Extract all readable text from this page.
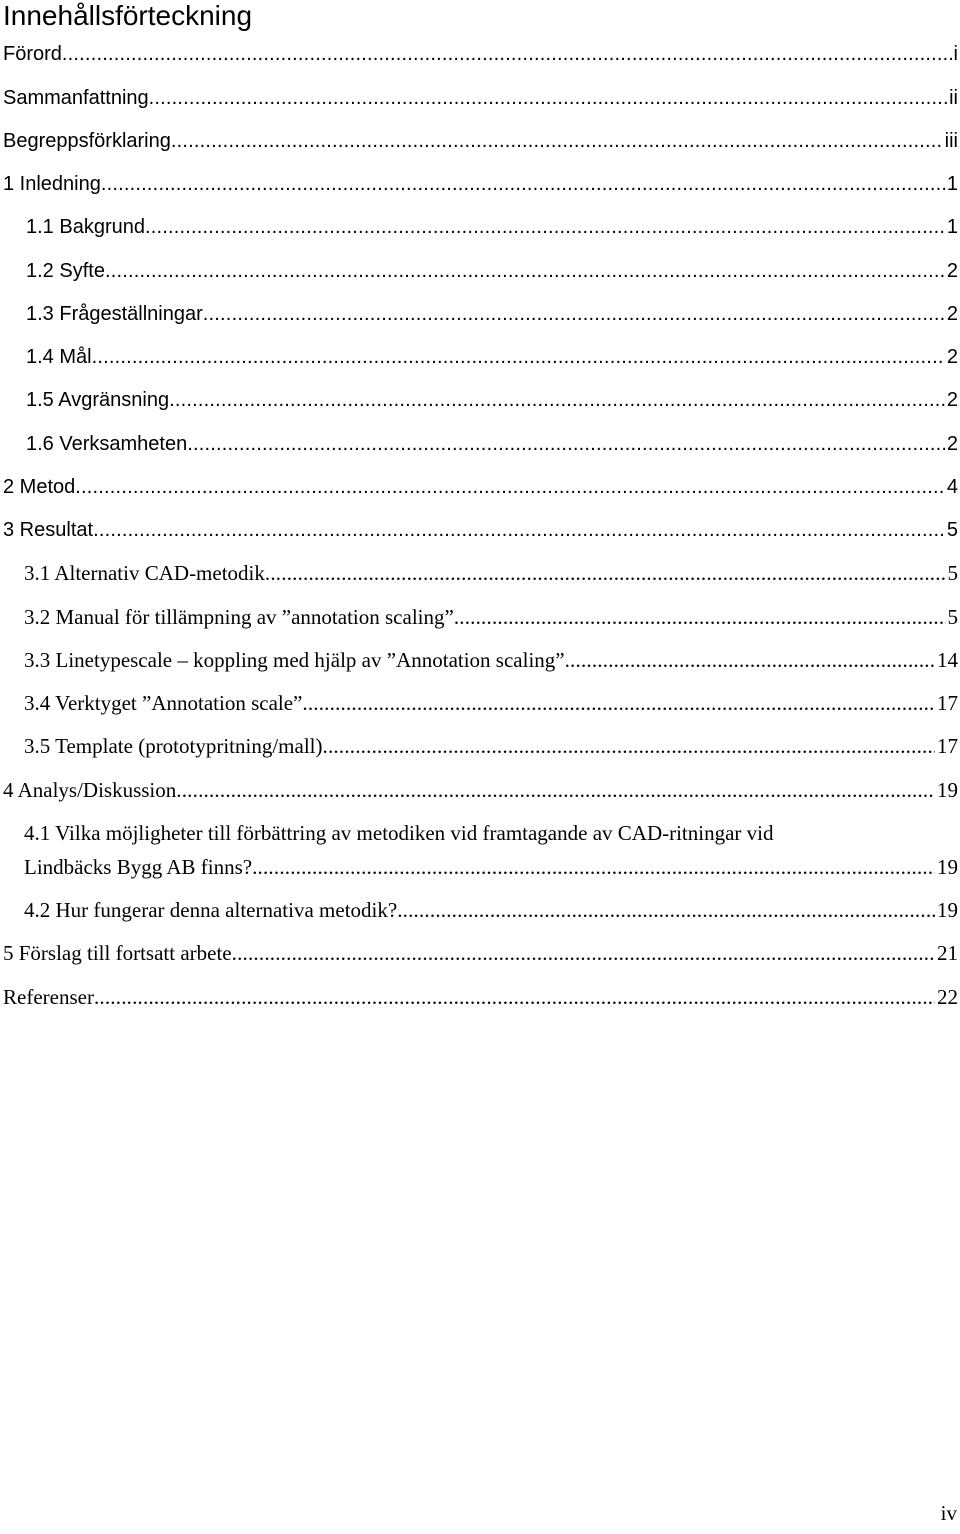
Innehållsförteckning
Förord .....	i
Sammanfattning .....	ii
Begreppsförklaring .....	iii
1 Inledning .....	1
1.1 Bakgrund .....	1
1.2 Syfte .....	2
1.3 Frågeställningar .....	2
1.4 Mål .....	2
1.5 Avgränsning .....	2
1.6 Verksamheten .....	2
2 Metod .....	4
3 Resultat .....	5
3.1 Alternativ CAD-metodik .....	5
3.2 Manual för tillämpning av ”annotation scaling” .....	5
3.3 Linetypescale – koppling med hjälp av ”Annotation scaling” .....	14
3.4 Verktyget ”Annotation scale” .....	17
3.5 Template (prototypritning/mall) .....	17
4 Analys/Diskussion .....	19
4.1 Vilka möjligheter till förbättring av metodiken vid framtagande av CAD-ritningar vid
Lindbäcks Bygg AB finns? .....	19
4.2 Hur fungerar denna alternativa metodik? .....	19
5 Förslag till fortsatt arbete .....	21
Referenser .....	22
iv
